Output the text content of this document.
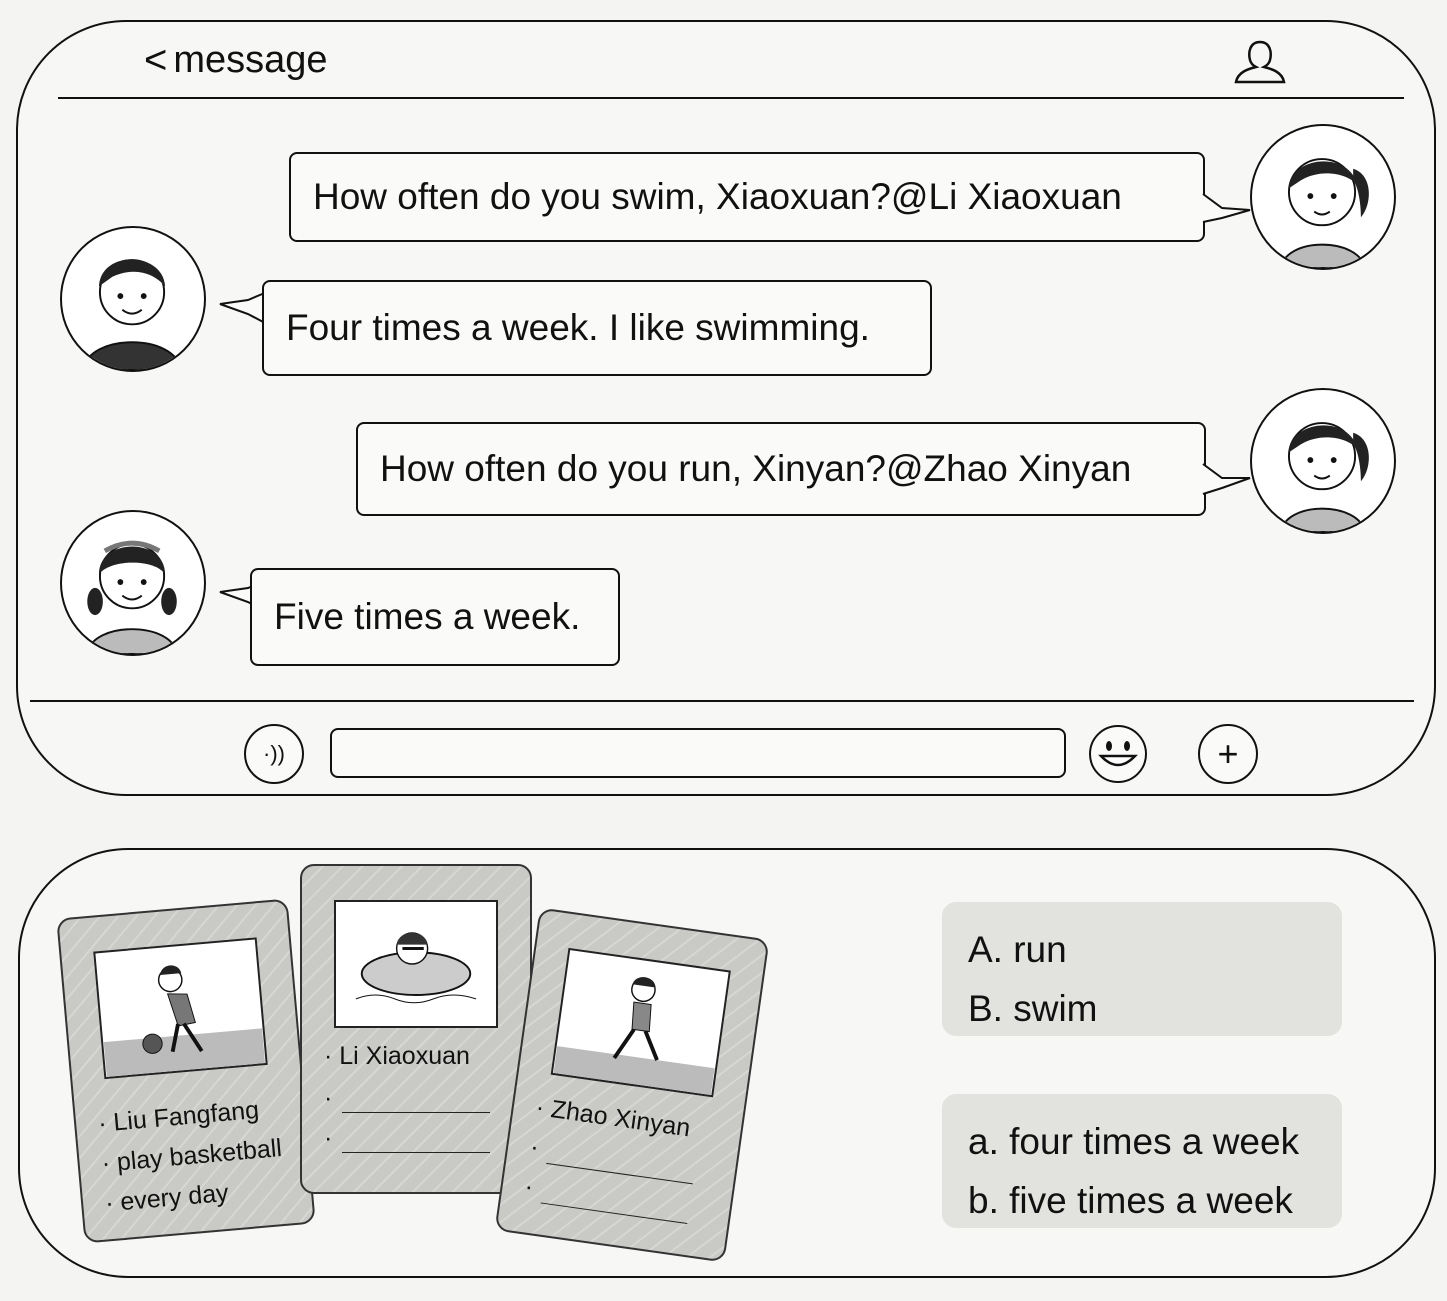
< message
How often do you swim, Xiaoxuan?@Li Xiaoxuan
Four times a week. I like swimming.
How often do you run, Xinyan?@Zhao Xinyan
Five times a week.
·))	+
· Liu Fangfang
· play basketball
· every day
· Li Xiaoxuan
·
·	· Zhao Xinyan
·
·
A. run
B. swim
a. four times a week
b. five times a week
